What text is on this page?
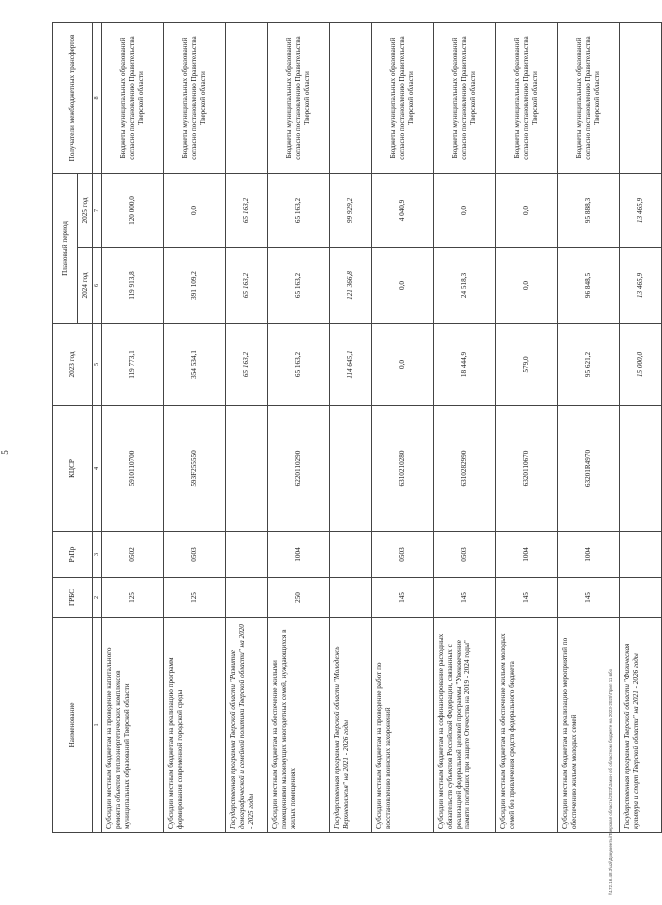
5
Наименование	ГРБС	РзПр	КЦСР	2023 год	Плановый период		Получатели межбюджетных трансфертов
					2024 год	2025 год	
1	2	3	4	5	6	7	8
Субсидии местным бюджетам на проведение капитального ремонта объектов теплоэнергетических комплексов муниципальных образований Тверской области	125	0502	5910110700	119 773,1	119 913,8	120 000,0	Бюджеты муниципальных образований согласно постановлению Правительства Тверской области
Субсидии местным бюджетам на реализацию программ формирования современной городской среды	125	0503	593F255550	354 534,1	391 109,2	0,0	Бюджеты муниципальных образований согласно постановлению Правительства Тверской области
Государственная программа Тверской области "Развитие демографической и семейной политики Тверской области" на 2020 - 2025 годы				65 163,2	65 163,2	65 163,2	
Субсидии местным бюджетам на обеспечение жилыми помещениями малоимущих многодетных семей, нуждающихся в жилых помещениях	250	1004	6220110290	65 163,2	65 163,2	65 163,2	Бюджеты муниципальных образований согласно постановлению Правительства Тверской области
Государственная программа Тверской области "Молодежь Верхневолжья" на 2021 - 2026 годы				114 645,1	121 366,8	99 929,2	
Субсидии местным бюджетам на проведение работ по восстановлению воинских захоронений	145	0503	6310210280	0,0	0,0	4 040,9	Бюджеты муниципальных образований согласно постановлению Правительства Тверской области
Субсидии местным бюджетам на софинансирование расходных обязательств субъектов Российской Федерации, связанных с реализацией федеральной целевой программы "Увековечение памяти погибших при защите Отечества на 2019 - 2024 годы"	145	0503	6310282990	18 444,9	24 518,3	0,0	Бюджеты муниципальных образований согласно постановлению Правительства Тверской области
Субсидии местным бюджетам на обеспечение жильем молодых семей без привлечения средств федерального бюджета	145	1004	6320110670	579,0	0,0	0,0	Бюджеты муниципальных образований согласно постановлению Правительства Тверской области
Субсидии местным бюджетам на реализацию мероприятий по обеспечению жильем молодых семей	145	1004	63201R4970	95 621,2	96 848,5	95 888,3	Бюджеты муниципальных образований согласно постановлению Правительства Тверской области
Государственная программа Тверской области "Физическая культура и спорт Тверской области" на 2021 - 2026 годы				15 000,0	13 465,9	13 465,9	
\\172.16.48.3\uzi\Документы\Тверская область\2023\Закон об областном бюджете на 2023-2025\Прил 11 вбо
